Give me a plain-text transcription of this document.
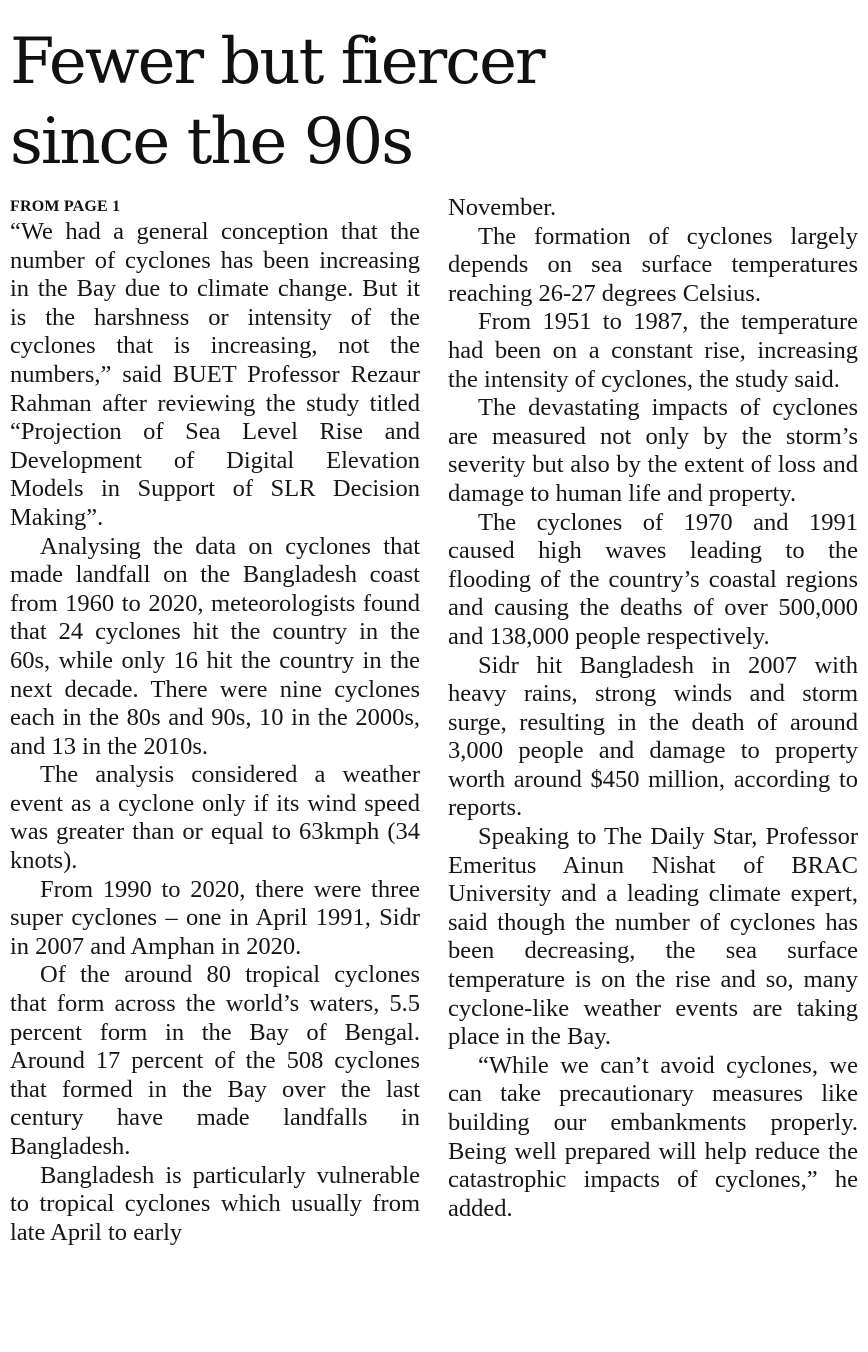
Fewer but fiercer
since the 90s
FROM PAGE 1

“We had a general conception that the number of cyclones has been increasing in the Bay due to climate change. But it is the harshness or intensity of the cyclones that is increasing, not the numbers,” said BUET Professor Rezaur Rahman after reviewing the study titled “Projection of Sea Level Rise and Development of Digital Elevation Models in Support of SLR Decision Making”.

Analysing the data on cyclones that made landfall on the Bangladesh coast from 1960 to 2020, meteorologists found that 24 cyclones hit the country in the 60s, while only 16 hit the country in the next decade. There were nine cyclones each in the 80s and 90s, 10 in the 2000s, and 13 in the 2010s.

The analysis considered a weather event as a cyclone only if its wind speed was greater than or equal to 63kmph (34 knots).

From 1990 to 2020, there were three super cyclones – one in April 1991, Sidr in 2007 and Amphan in 2020.

Of the around 80 tropical cyclones that form across the world’s waters, 5.5 percent form in the Bay of Bengal. Around 17 percent of the 508 cyclones that formed in the Bay over the last century have made landfalls in Bangladesh.

Bangladesh is particularly vulnerable to tropical cyclones which usually from late April to early

November.

The formation of cyclones largely depends on sea surface temperatures reaching 26-27 degrees Celsius.

From 1951 to 1987, the temperature had been on a constant rise, increasing the intensity of cyclones, the study said.

The devastating impacts of cyclones are measured not only by the storm’s severity but also by the extent of loss and damage to human life and property.

The cyclones of 1970 and 1991 caused high waves leading to the flooding of the country’s coastal regions and causing the deaths of over 500,000 and 138,000 people respectively.

Sidr hit Bangladesh in 2007 with heavy rains, strong winds and storm surge, resulting in the death of around 3,000 people and damage to property worth around $450 million, according to reports.

Speaking to The Daily Star, Professor Emeritus Ainun Nishat of BRAC University and a leading climate expert, said though the number of cyclones has been decreasing, the sea surface temperature is on the rise and so, many cyclone-like weather events are taking place in the Bay.

“While we can’t avoid cyclones, we can take precautionary measures like building our embankments properly. Being well prepared will help reduce the catastrophic impacts of cyclones,” he added.
